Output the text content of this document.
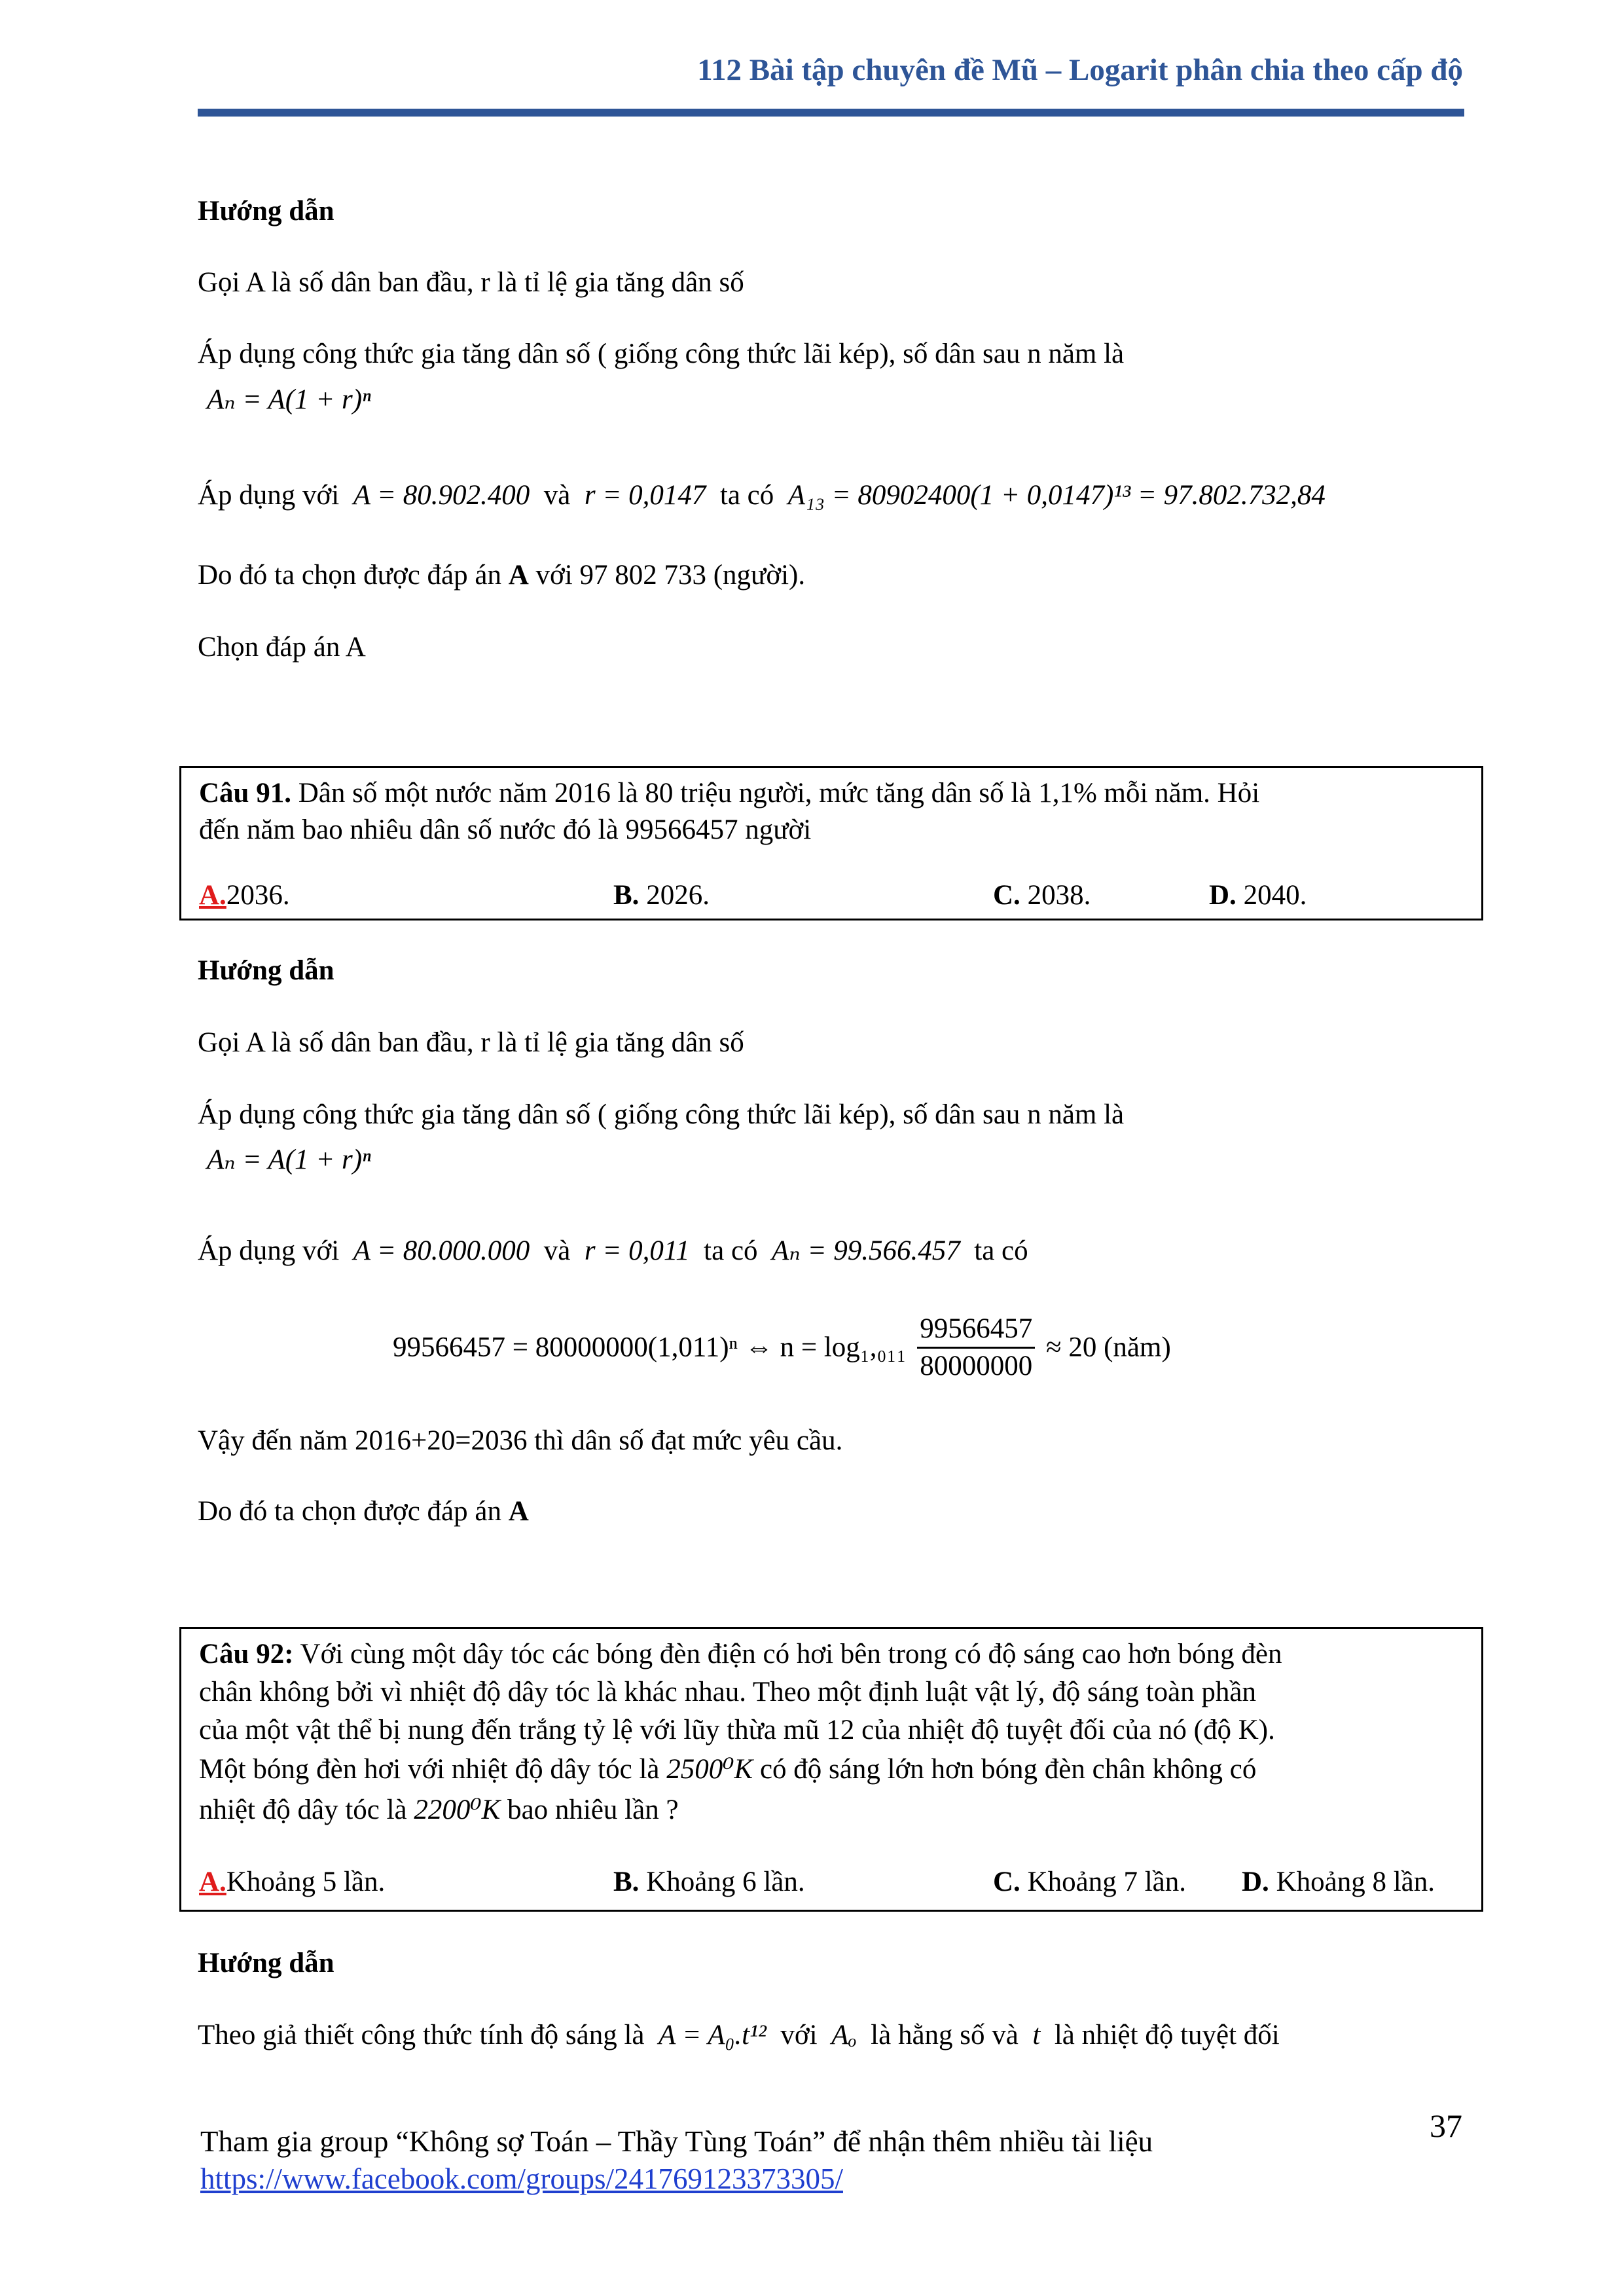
112 Bài tập chuyên đề Mũ – Logarit phân chia theo cấp độ
Hướng dẫn
Gọi A là số dân ban đầu, r là tỉ lệ gia tăng dân số
Áp dụng công thức gia tăng dân số ( giống công thức lãi kép), số dân sau n năm là
Aₙ = A(1 + r)ⁿ
Áp dụng với A = 80.902.400 và r = 0,0147 ta có A₁₃ = 80902400(1 + 0,0147)¹³ = 97.802.732,84
Do đó ta chọn được đáp án A với 97 802 733 (người).
Chọn đáp án A
Câu 91. Dân số một nước năm 2016 là 80 triệu người, mức tăng dân số là 1,1% mỗi năm. Hỏi
đến năm bao nhiêu dân số nước đó là 99566457 người
A.2036.	B. 2026.	C. 2038.	D. 2040.
Hướng dẫn
Gọi A là số dân ban đầu, r là tỉ lệ gia tăng dân số
Áp dụng công thức gia tăng dân số ( giống công thức lãi kép), số dân sau n năm là
Aₙ = A(1 + r)ⁿ
Áp dụng với A = 80.000.000 và r = 0,011 ta có Aₙ = 99.566.457 ta có
99566457 = 80000000(1,011)ⁿ ⇔ $n = \log_1,_{011} \frac{99566457}{80000000} \approx 20$ (năm)
Vậy đến năm 2016+20=2036 thì dân số đạt mức yêu cầu.
Do đó ta chọn được đáp án A
Câu 92: Với cùng một dây tóc các bóng đèn điện có hơi bên trong có độ sáng cao hơn bóng đèn
chân không bởi vì nhiệt độ dây tóc là khác nhau. Theo một định luật vật lý, độ sáng toàn phần
của một vật thể bị nung đến trắng tỷ lệ với lũy thừa mũ 12 của nhiệt độ tuyệt đối của nó (độ K).
Một bóng đèn hơi với nhiệt độ dây tóc là 2500⁰K có độ sáng lớn hơn bóng đèn chân không có
nhiệt độ dây tóc là 2200⁰K bao nhiêu lần ?
A.Khoảng 5 lần.	B. Khoảng 6 lần.	C. Khoảng 7 lần. D. Khoảng 8 lần.
Hướng dẫn
Theo giả thiết công thức tính độ sáng là A = A₀.t¹² với Aₒ là hằng số và t là nhiệt độ tuyệt đối
Tham gia group “Không sợ Toán – Thầy Tùng Toán” để nhận thêm nhiều tài liệu
https://www.facebook.com/groups/241769123373305/
37
